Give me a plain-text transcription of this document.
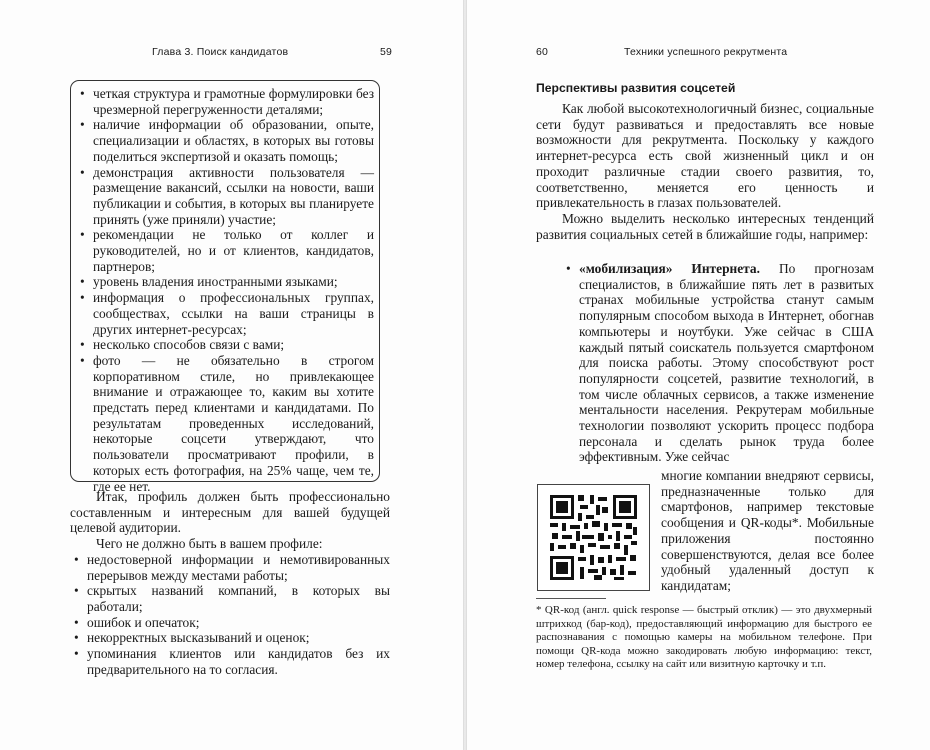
Глава 3. Поиск кандидатов	59
• четкая структура и грамотные формулировки без чрезмерной перегруженности деталями;
• наличие информации об образовании, опыте, специализации и областях, в которых вы готовы поделиться экспертизой и оказать помощь;
• демонстрация активности пользователя — размещение вакансий, ссылки на новости, ваши публикации и события, в которых вы планируете принять (уже приняли) участие;
• рекомендации не только от коллег и руководителей, но и от клиентов, кандидатов, партнеров;
• уровень владения иностранными языками;
• информация о профессиональных группах, сообществах, ссылки на ваши страницы в других интернет-ресурсах;
• несколько способов связи с вами;
• фото — не обязательно в строгом корпоративном стиле, но привлекающее внимание и отражающее то, каким вы хотите предстать перед клиентами и кандидатами. По результатам проведенных исследований, некоторые соцсети утверждают, что пользователи просматривают профили, в которых есть фотография, на 25% чаще, чем те, где ее нет.

Итак, профиль должен быть профессионально составленным и интересным для вашей будущей целевой аудитории.

Чего не должно быть в вашем профиле:

• недостоверной информации и немотивированных перерывов между местами работы;
• скрытых названий компаний, в которых вы работали;
• ошибок и опечаток;
• некорректных высказываний и оценок;
• упоминания клиентов или кандидатов без их предварительного на то согласия.
60	Техники успешного рекрутмента
Перспективы развития соцсетей

Как любой высокотехнологичный бизнес, социальные сети будут развиваться и предоставлять все новые возможности для рекрутмента. Поскольку у каждого интернет-ресурса есть свой жизненный цикл и он проходит различные стадии своего развития, то, соответственно, меняется его ценность и привлекательность в глазах пользователей.

Можно выделить несколько интересных тенденций развития социальных сетей в ближайшие годы, например:

• «мобилизация» Интернета. По прогнозам специалистов, в ближайшие пять лет в развитых странах мобильные устройства станут самым популярным способом выхода в Интернет, обогнав компьютеры и ноутбуки. Уже сейчас в США каждый пятый соискатель пользуется смартфоном для поиска работы. Этому способствуют рост популярности соцсетей, развитие технологий, в том числе облачных сервисов, а также изменение ментальности населения. Рекрутерам мобильные технологии позволяют ускорить процесс подбора персонала и сделать рынок труда более эффективным. Уже сейчас

многие компании внедряют сервисы, предназначенные только для смартфонов, например текстовые сообщения и QR-коды*. Мобильные приложения постоянно совершенствуются, делая все более удобный удаленный доступ к кандидатам;

* QR-код (англ. quick response — быстрый отклик) — это двухмерный штрихкод (бар-код), предоставляющий информацию для быстрого ее распознавания с помощью камеры на мобильном телефоне. При помощи QR-кода можно закодировать любую информацию: текст, номер телефона, ссылку на сайт или визитную карточку и т.п.
